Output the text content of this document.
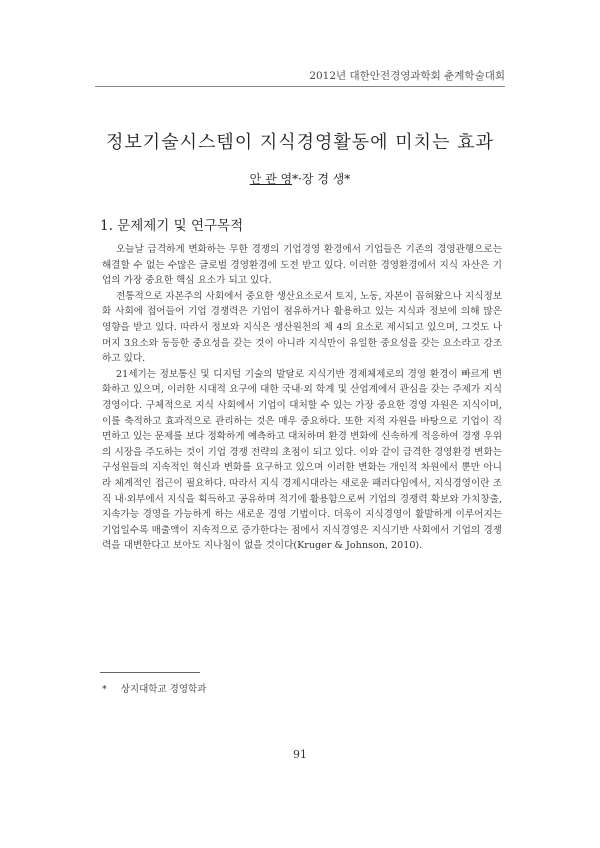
2012년 대한안전경영과학회 춘계학술대회
정보기술시스템이 지식경영활동에 미치는 효과
안 관 영*·장 경 생*
1. 문제제기 및 연구목적

오늘날 급격하게 변화하는 무한 경쟁의 기업경영 환경에서 기업들은 기존의 경영관행으로는 해결할 수 없는 수많은 글로벌 경영환경에 도전 받고 있다. 이러한 경영환경에서 지식 자산은 기업의 가장 중요한 핵심 요소가 되고 있다.

전통적으로 자본주의 사회에서 중요한 생산요소로서 토지, 노동, 자본이 꼽혀왔으나 지식정보화 사회에 접어들어 기업 경쟁력은 기업이 점유하거나 활용하고 있는 지식과 정보에 의해 많은 영향을 받고 있다. 따라서 정보와 지식은 생산원천의 제 4의 요소로 제시되고 있으며, 그것도 나머지 3요소와 동등한 중요성을 갖는 것이 아니라 지식만이 유일한 중요성을 갖는 요소라고 강조하고 있다.

21세기는 정보통신 및 디지털 기술의 발달로 지식기반 경제체제로의 경영 환경이 빠르게 변화하고 있으며, 이러한 시대적 요구에 대한 국내·외 학계 및 산업계에서 관심을 갖는 주제가 지식경영이다. 구체적으로 지식 사회에서 기업이 대처할 수 있는 가장 중요한 경영 자원은 지식이며, 이를 축적하고 효과적으로 관리하는 것은 매우 중요하다. 또한 지적 자원을 바탕으로 기업이 직면하고 있는 문제를 보다 정확하게 예측하고 대처하며 환경 변화에 신속하게 적응하여 경쟁 우위의 시장을 주도하는 것이 기업 경쟁 전략의 초점이 되고 있다. 이와 같이 급격한 경영환경 변화는 구성원들의 지속적인 혁신과 변화를 요구하고 있으며 이러한 변화는 개인적 차원에서 뿐만 아니라 체계적인 접근이 필요하다. 따라서 지식 경제시대라는 새로운 패러다임에서, 지식경영이란 조직 내·외부에서 지식을 획득하고 공유하며 적기에 활용함으로써 기업의 경쟁력 확보와 가치창출, 지속가능 경영을 가능하게 하는 새로운 경영 기법이다. 더욱이 지식경영이 활발하게 이루어지는 기업일수록 매출액이 지속적으로 증가한다는 점에서 지식경영은 지식기반 사회에서 기업의 경쟁력을 대변한다고 보아도 지나침이 없을 것이다(Kruger & Johnson, 2010).

* 상지대학교 경영학과
91
